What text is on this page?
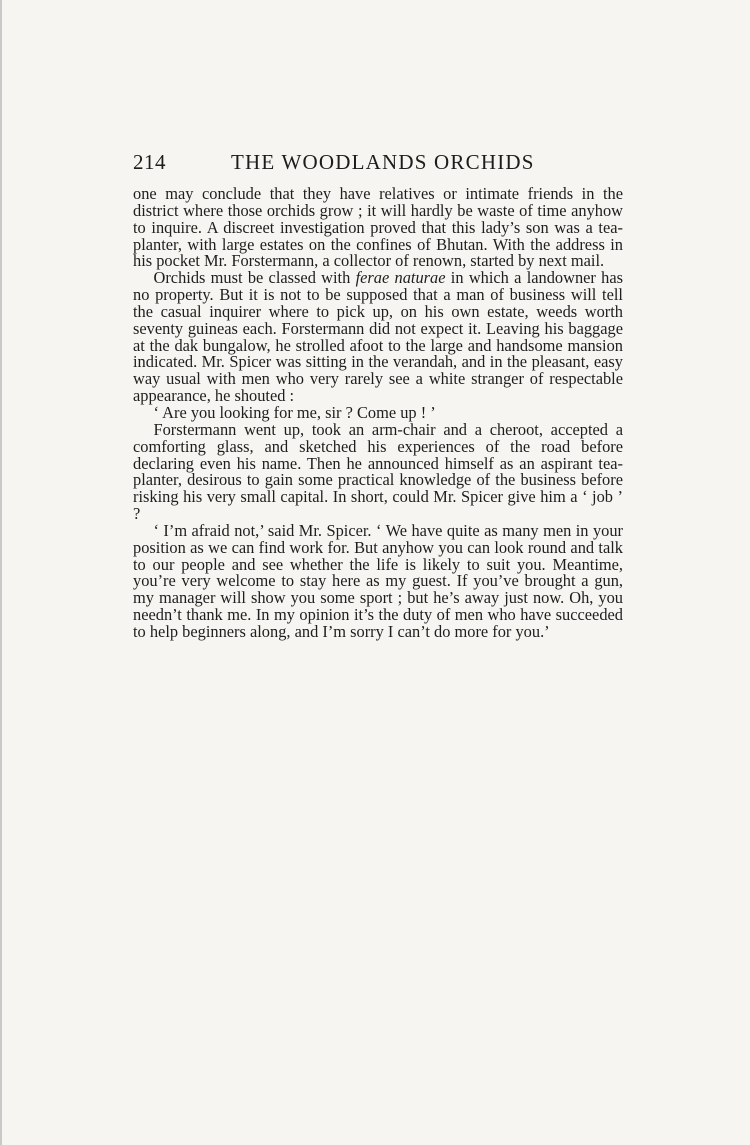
214	THE WOODLANDS ORCHIDS

one may conclude that they have relatives or intimate friends in the district where those orchids grow ; it will hardly be waste of time anyhow to inquire. A discreet investigation proved that this lady’s son was a tea-planter, with large estates on the confines of Bhutan. With the address in his pocket Mr. Forstermann, a collector of renown, started by next mail.

Orchids must be classed with ferae naturae in which a landowner has no property. But it is not to be supposed that a man of business will tell the casual inquirer where to pick up, on his own estate, weeds worth seventy guineas each. Forstermann did not expect it. Leaving his baggage at the dak bungalow, he strolled afoot to the large and handsome mansion indicated. Mr. Spicer was sitting in the verandah, and in the pleasant, easy way usual with men who very rarely see a white stranger of respectable appearance, he shouted :

‘ Are you looking for me, sir ? Come up ! ’

Forstermann went up, took an arm-chair and a cheroot, accepted a comforting glass, and sketched his experiences of the road before declaring even his name. Then he announced himself as an aspirant tea-planter, desirous to gain some practical knowledge of the business before risking his very small capital. In short, could Mr. Spicer give him a ‘ job ’ ?

‘ I’m afraid not,’ said Mr. Spicer. ‘ We have quite as many men in your position as we can find work for. But anyhow you can look round and talk to our people and see whether the life is likely to suit you. Meantime, you’re very welcome to stay here as my guest. If you’ve brought a gun, my manager will show you some sport ; but he’s away just now. Oh, you needn’t thank me. In my opinion it’s the duty of men who have succeeded to help beginners along, and I’m sorry I can’t do more for you.’
